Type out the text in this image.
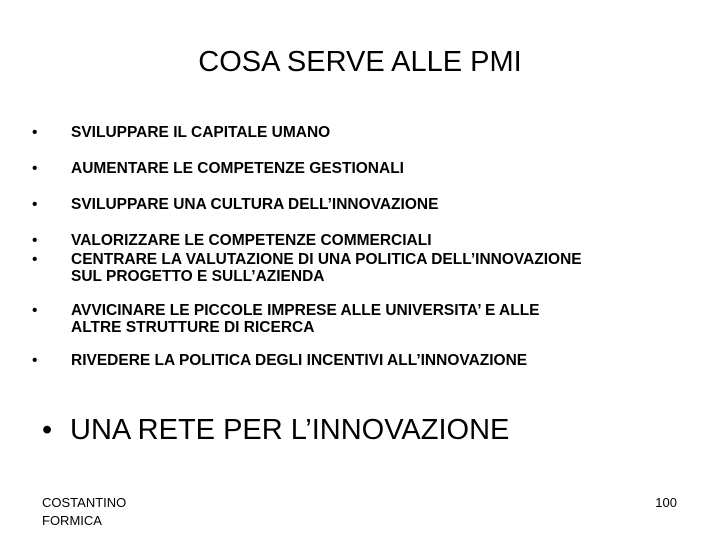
COSA SERVE ALLE PMI
•	SVILUPPARE IL CAPITALE UMANO
•	AUMENTARE LE COMPETENZE GESTIONALI
•	SVILUPPARE UNA CULTURA DELL’INNOVAZIONE
•	VALORIZZARE LE COMPETENZE COMMERCIALI
•	CENTRARE LA VALUTAZIONE DI UNA POLITICA DELL’INNOVAZIONE
SUL PROGETTO E SULL’AZIENDA
•	AVVICINARE LE PICCOLE IMPRESE ALLE UNIVERSITA’ E ALLE
ALTRE STRUTTURE DI RICERCA
•	RIVEDERE LA POLITICA DEGLI INCENTIVI ALL’INNOVAZIONE
• UNA RETE PER L’INNOVAZIONE
COSTANTINO
FORMICA
100
